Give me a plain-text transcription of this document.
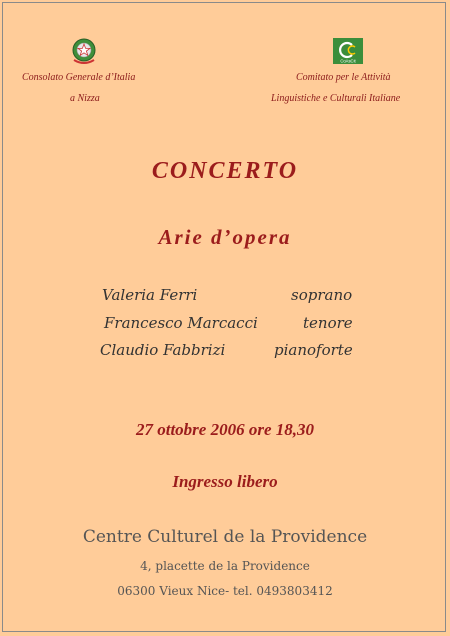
CoAsCit
Consolato Generale d’Italia
a Nizza
Comitato per le Attività
Linguistiche e Culturali Italiane
CONCERTO
Arie d’opera
Valeria Ferri	soprano
Francesco Marcacci	tenore
Claudio Fabbrizi	pianoforte
27 ottobre 2006 ore 18,30
Ingresso libero
Centre Culturel de la Providence
4, placette de la Providence
06300 Vieux Nice- tel. 0493803412
